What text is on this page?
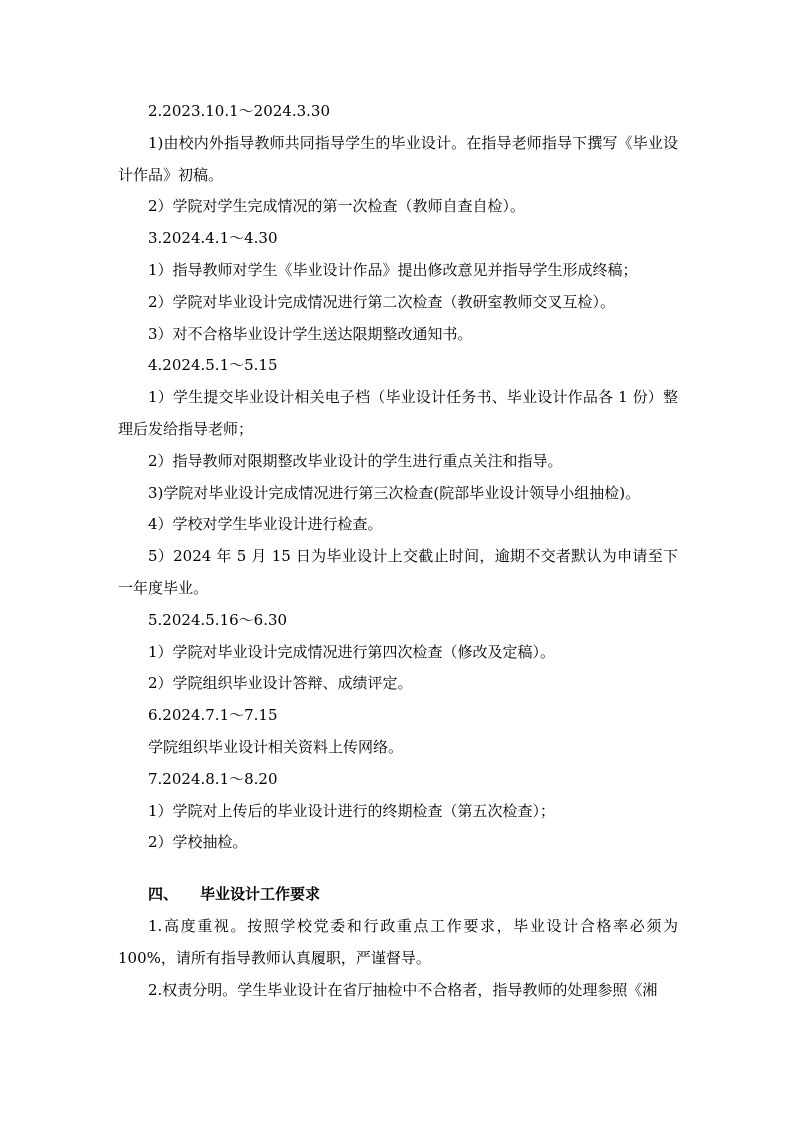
2.2023.10.1～2024.3.30

1)由校内外指导教师共同指导学生的毕业设计。在指导老师指导下撰写《毕业设计作品》初稿。

2）学院对学生完成情况的第一次检查（教师自查自检）。

3.2024.4.1～4.30

1）指导教师对学生《毕业设计作品》提出修改意见并指导学生形成终稿；

2）学院对毕业设计完成情况进行第二次检查（教研室教师交叉互检）。

3）对不合格毕业设计学生送达限期整改通知书。

4.2024.5.1～5.15

1）学生提交毕业设计相关电子档（毕业设计任务书、毕业设计作品各 1 份）整理后发给指导老师；

2）指导教师对限期整改毕业设计的学生进行重点关注和指导。

3)学院对毕业设计完成情况进行第三次检查(院部毕业设计领导小组抽检)。

4）学校对学生毕业设计进行检查。

5）2024 年 5 月 15 日为毕业设计上交截止时间，逾期不交者默认为申请至下一年度毕业。

5.2024.5.16～6.30

1）学院对毕业设计完成情况进行第四次检查（修改及定稿）。

2）学院组织毕业设计答辩、成绩评定。

6.2024.7.1～7.15

学院组织毕业设计相关资料上传网络。

7.2024.8.1～8.20

1）学院对上传后的毕业设计进行的终期检查（第五次检查）；

2）学校抽检。

四、 毕业设计工作要求

1.高度重视。按照学校党委和行政重点工作要求，毕业设计合格率必须为100%，请所有指导教师认真履职，严谨督导。

2.权责分明。学生毕业设计在省厅抽检中不合格者，指导教师的处理参照《湘
